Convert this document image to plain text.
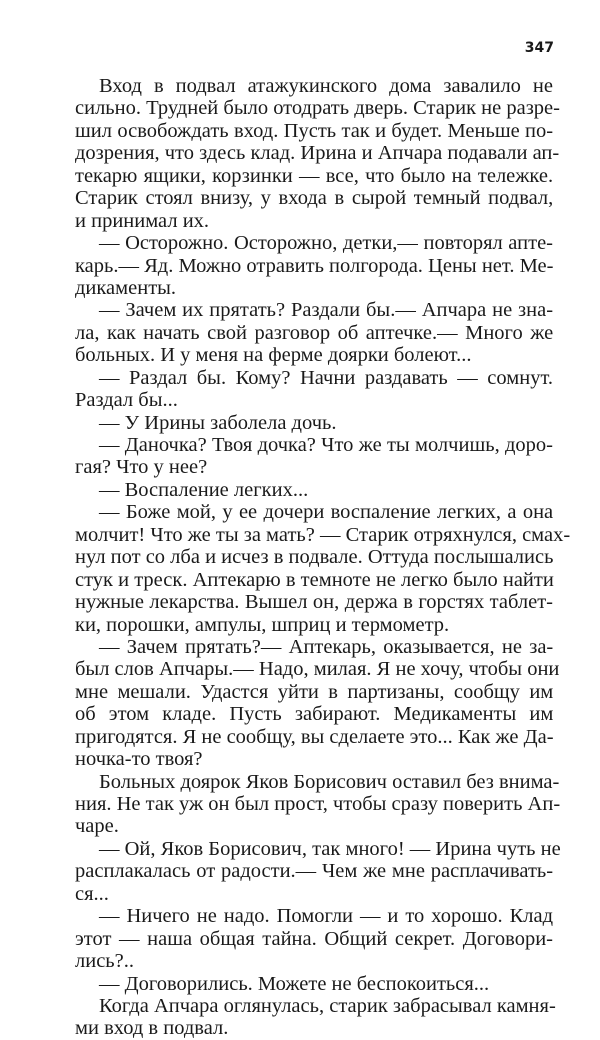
347
Вход в подвал атажукинского дома завалило не
сильно. Трудней было отодрать дверь. Старик не разре-
шил освобождать вход. Пусть так и будет. Меньше по-
дозрения, что здесь клад. Ирина и Апчара подавали ап-
текарю ящики, корзинки — все, что было на тележке.
Старик стоял внизу, у входа в сырой темный подвал,
и принимал их.
— Осторожно. Осторожно, детки,— повторял апте-
карь.— Яд. Можно отравить полгорода. Цены нет. Ме-
дикаменты.
— Зачем их прятать? Раздали бы.— Апчара не зна-
ла, как начать свой разговор об аптечке.— Много же
больных. И у меня на ферме доярки болеют...
— Раздал бы. Кому? Начни раздавать — сомнут.
Раздал бы...
— У Ирины заболела дочь.
— Даночка? Твоя дочка? Что же ты молчишь, доро-
гая? Что у нее?
— Воспаление легких...
— Боже мой, у ее дочери воспаление легких, а она
молчит! Что же ты за мать? — Старик отряхнулся, смах-
нул пот со лба и исчез в подвале. Оттуда послышались
стук и треск. Аптекарю в темноте не легко было найти
нужные лекарства. Вышел он, держа в горстях таблет-
ки, порошки, ампулы, шприц и термометр.
— Зачем прятать?— Аптекарь, оказывается, не за-
был слов Апчары.— Надо, милая. Я не хочу, чтобы они
мне мешали. Удастся уйти в партизаны, сообщу им
об этом кладе. Пусть забирают. Медикаменты им
пригодятся. Я не сообщу, вы сделаете это... Как же Да-
ночка-то твоя?
Больных доярок Яков Борисович оставил без внима-
ния. Не так уж он был прост, чтобы сразу поверить Ап-
чаре.
— Ой, Яков Борисович, так много! — Ирина чуть не
расплакалась от радости.— Чем же мне расплачивать-
ся...
— Ничего не надо. Помогли — и то хорошо. Клад
этот — наша общая тайна. Общий секрет. Договори-
лись?..
— Договорились. Можете не беспокоиться...
Когда Апчара оглянулась, старик забрасывал камня-
ми вход в подвал.
